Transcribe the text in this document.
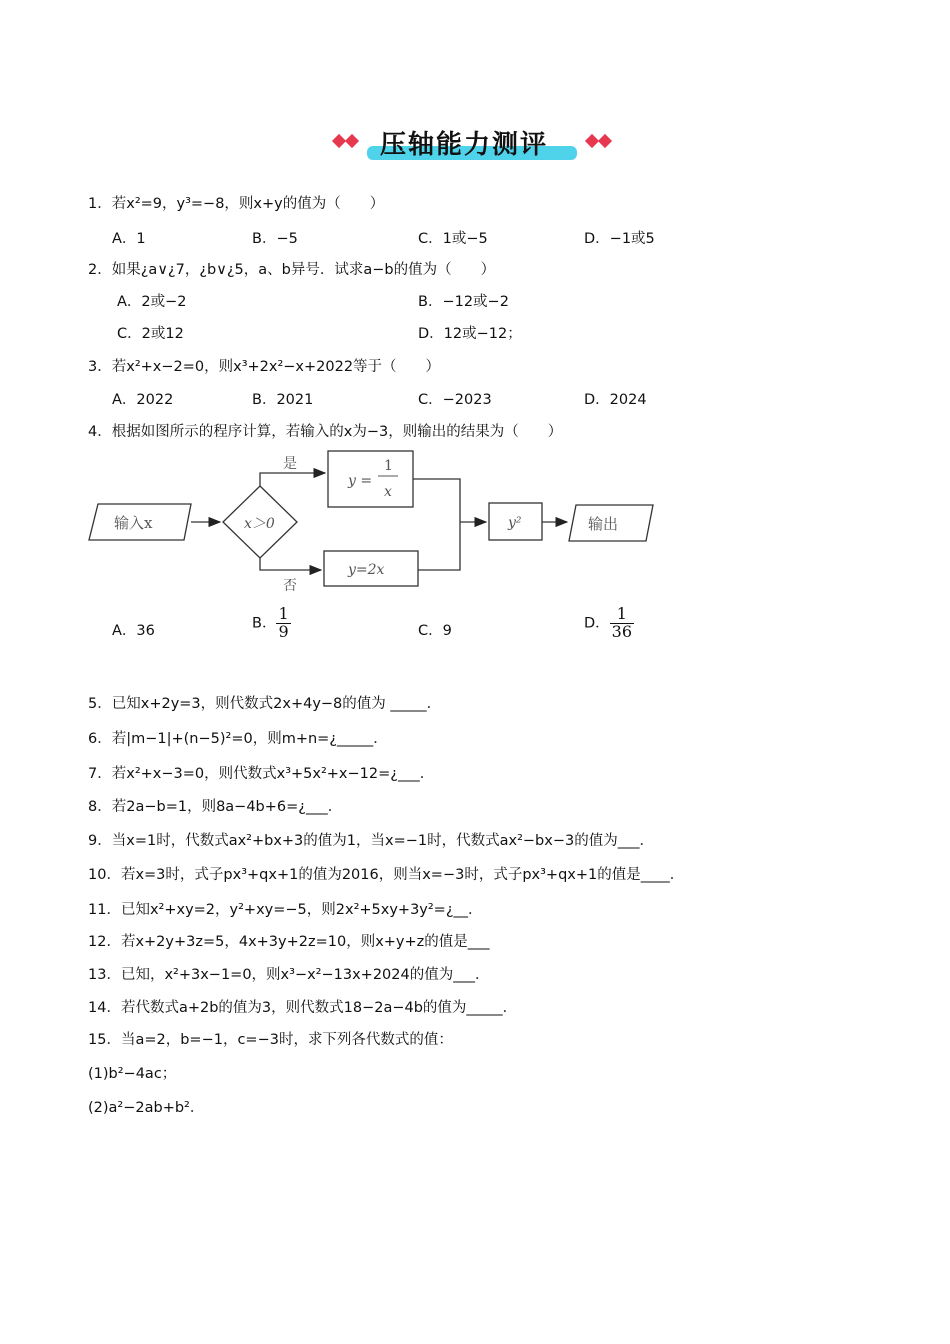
压轴能力测评
1．若x²=9，y³=−8，则x+y的值为（　　）
A．1	B．−5	C．1或−5	D．−1或5
2．如果¿a∨¿7，¿b∨¿5，a、b异号．试求a−b的值为（　　）
A．2或−2	B．−12或−2
C．2或12	D．12或−12；
3．若x²+x−2=0，则x³+2x²−x+2022等于（　　）
A．2022	B．2021	C．−2023	D．2024
4．根据如图所示的程序计算，若输入的x为−3，则输出的结果为（　　）
输入x	x＞0
是
否
y =
1
x
y=2x
y²	输出
A．36	B． $\frac{1}{9}$	C．9	D． $\frac{1}{36}$
5．已知x+2y=3，则代数式2x+4y−8的值为 _____．
6．若|m−1|+(n−5)²=0，则m+n=¿_____．
7．若x²+x−3=0，则代数式x³+5x²+x−12=¿___．
8．若2a−b=1，则8a−4b+6=¿___．
9．当x=1时，代数式ax²+bx+3的值为1，当x=−1时，代数式ax²−bx−3的值为___．
10．若x=3时，式子px³+qx+1的值为2016，则当x=−3时，式子px³+qx+1的值是____．
11．已知x²+xy=2，y²+xy=−5，则2x²+5xy+3y²=¿__．
12．若x+2y+3z=5，4x+3y+2z=10，则x+y+z的值是___
13．已知，x²+3x−1=0，则x³−x²−13x+2024的值为___．
14．若代数式a+2b的值为3，则代数式18−2a−4b的值为_____．
15．当a=2，b=−1，c=−3时，求下列各代数式的值：
(1)b²−4ac；
(2)a²−2ab+b²．
